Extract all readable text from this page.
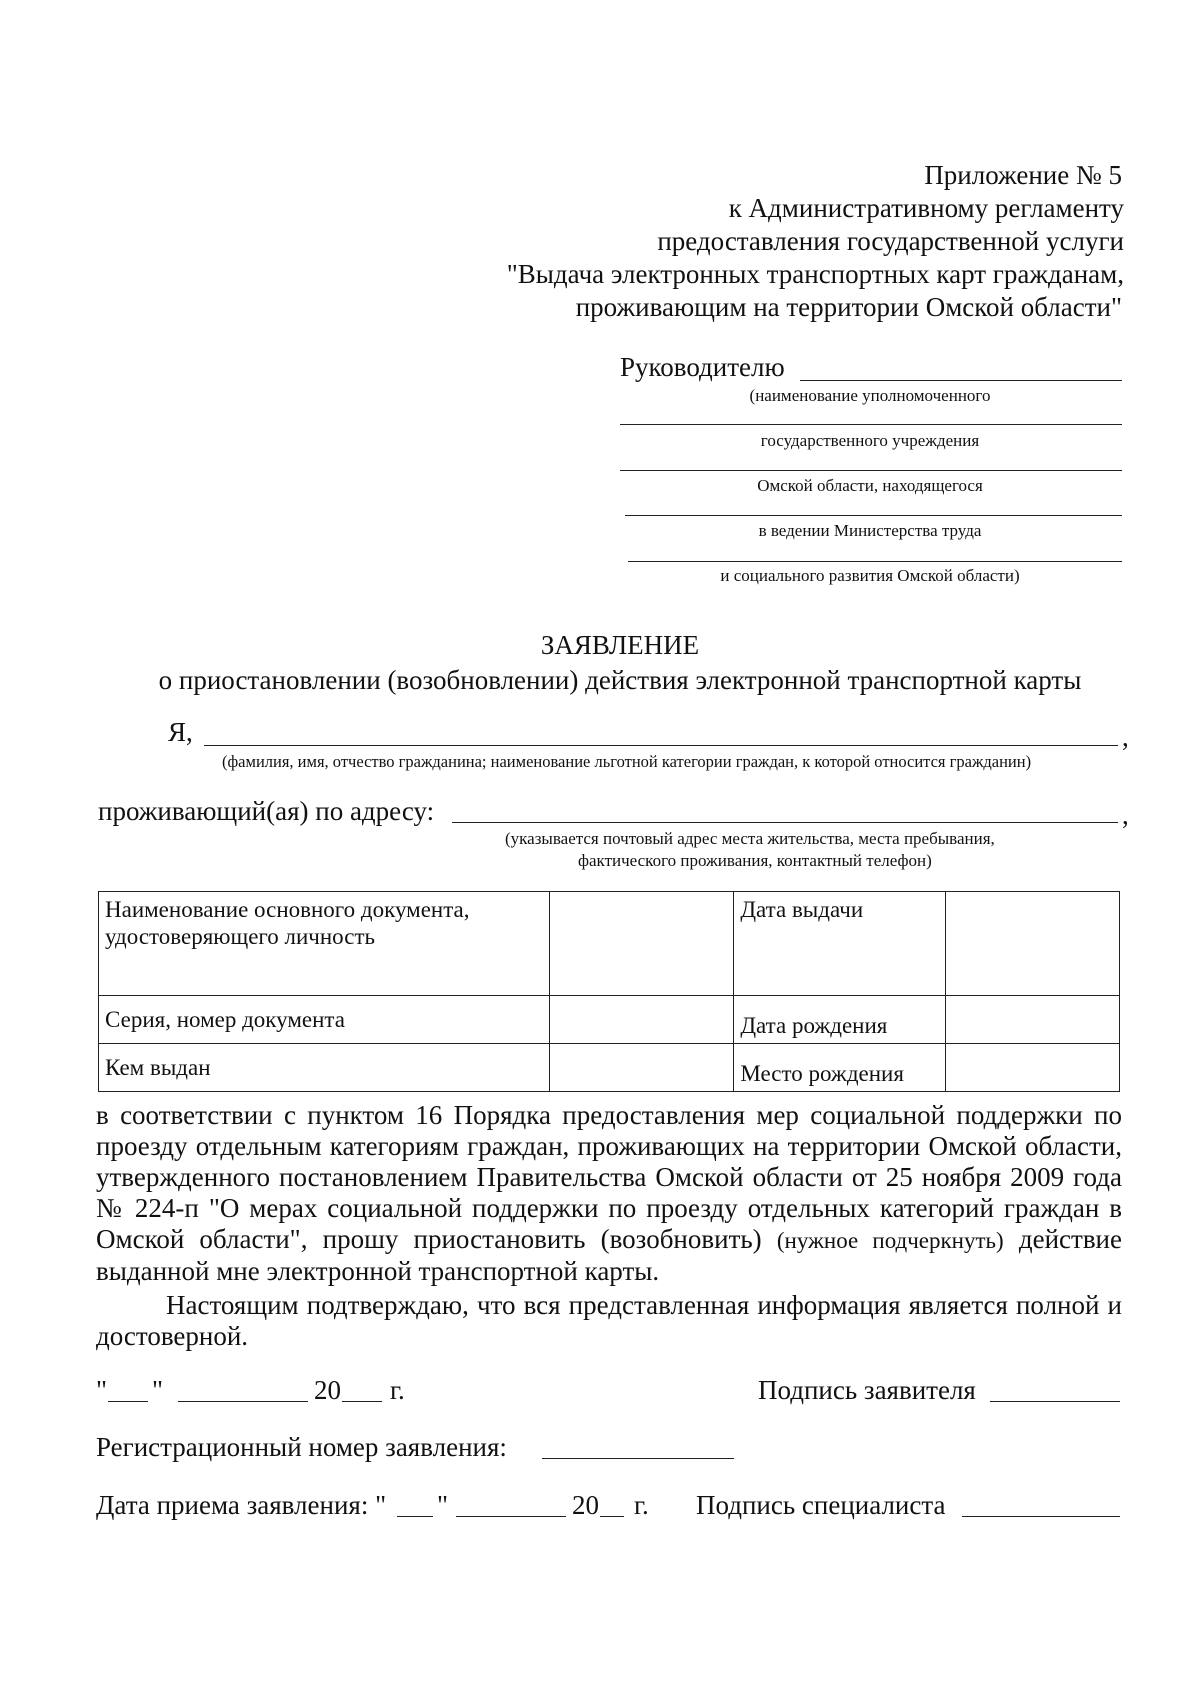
Приложение № 5
к Административному регламенту
предоставления государственной услуги
"Выдача электронных транспортных карт гражданам,
проживающим на территории Омской области"
Руководителю
(наименование уполномоченного
государственного учреждения
Омской области, находящегося
в ведении Министерства труда
и социального развития Омской области)
ЗАЯВЛЕНИЕ
о приостановлении (возобновлении) действия электронной транспортной карты
Я,	,
(фамилия, имя, отчество гражданина; наименование льготной категории граждан, к которой относится гражданин)
проживающий(ая) по адресу:	,
(указывается почтовый адрес места жительства, места пребывания,
фактического проживания, контактный телефон)
Наименование основного документа, удостоверяющего личность		Дата выдачи	
Серия, номер документа		Дата рождения	
Кем выдан		Место рождения	
в соответствии с пунктом 16 Порядка предоставления мер социальной поддержки по проезду отдельным категориям граждан, проживающих на территории Омской области, утвержденного постановлением Правительства Омской области от 25 ноября 2009 года № 224-п "О мерах социальной поддержки по проезду отдельных категорий граждан в Омской области", прошу приостановить (возобновить) (нужное подчеркнуть) действие выданной мне электронной транспортной карты.
Настоящим подтверждаю, что вся представленная информация является полной и достоверной.
" "	20 г.	Подпись заявителя
Регистрационный номер заявления:
Дата приема заявления: " "	20 г. Подпись специалиста
